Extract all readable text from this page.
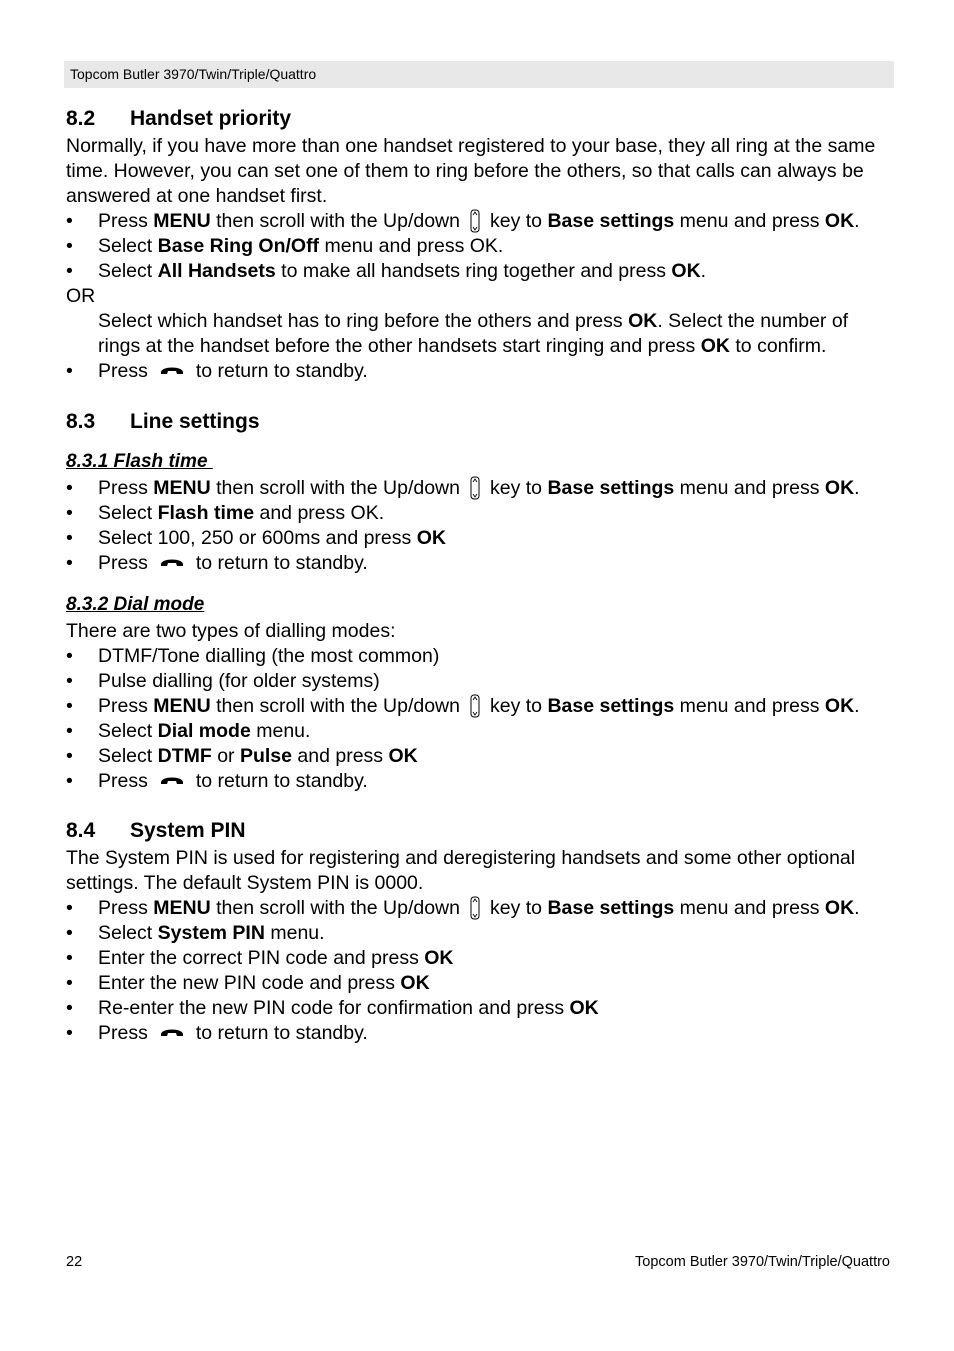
Topcom Butler 3970/Twin/Triple/Quattro
8.2 Handset priority

Normally, if you have more than one handset registered to your base, they all ring at the same time. However, you can set one of them to ring before the others, so that calls can always be answered at one handset first.

• Press MENU then scroll with the Up/down key to Base settings menu and press OK.
• Select Base Ring On/Off menu and press OK.
• Select All Handsets to make all handsets ring together and press OK.

OR

Select which handset has to ring before the others and press OK. Select the number of rings at the handset before the other handsets start ringing and press OK to confirm.

• Press to return to standby.
8.3 Line settings
8.3.1 Flash time
• Press MENU then scroll with the Up/down key to Base settings menu and press OK.
• Select Flash time and press OK.
• Select 100, 250 or 600ms and press OK
• Press to return to standby.
8.3.2 Dial mode

There are two types of dialling modes:

• DTMF/Tone dialling (the most common)
• Pulse dialling (for older systems)
• Press MENU then scroll with the Up/down key to Base settings menu and press OK.
• Select Dial mode menu.
• Select DTMF or Pulse and press OK
• Press to return to standby.
8.4 System PIN

The System PIN is used for registering and deregistering handsets and some other optional settings. The default System PIN is 0000.

• Press MENU then scroll with the Up/down key to Base settings menu and press OK.
• Select System PIN menu.
• Enter the correct PIN code and press OK
• Enter the new PIN code and press OK
• Re-enter the new PIN code for confirmation and press OK
• Press to return to standby.
22	Topcom Butler 3970/Twin/Triple/Quattro
